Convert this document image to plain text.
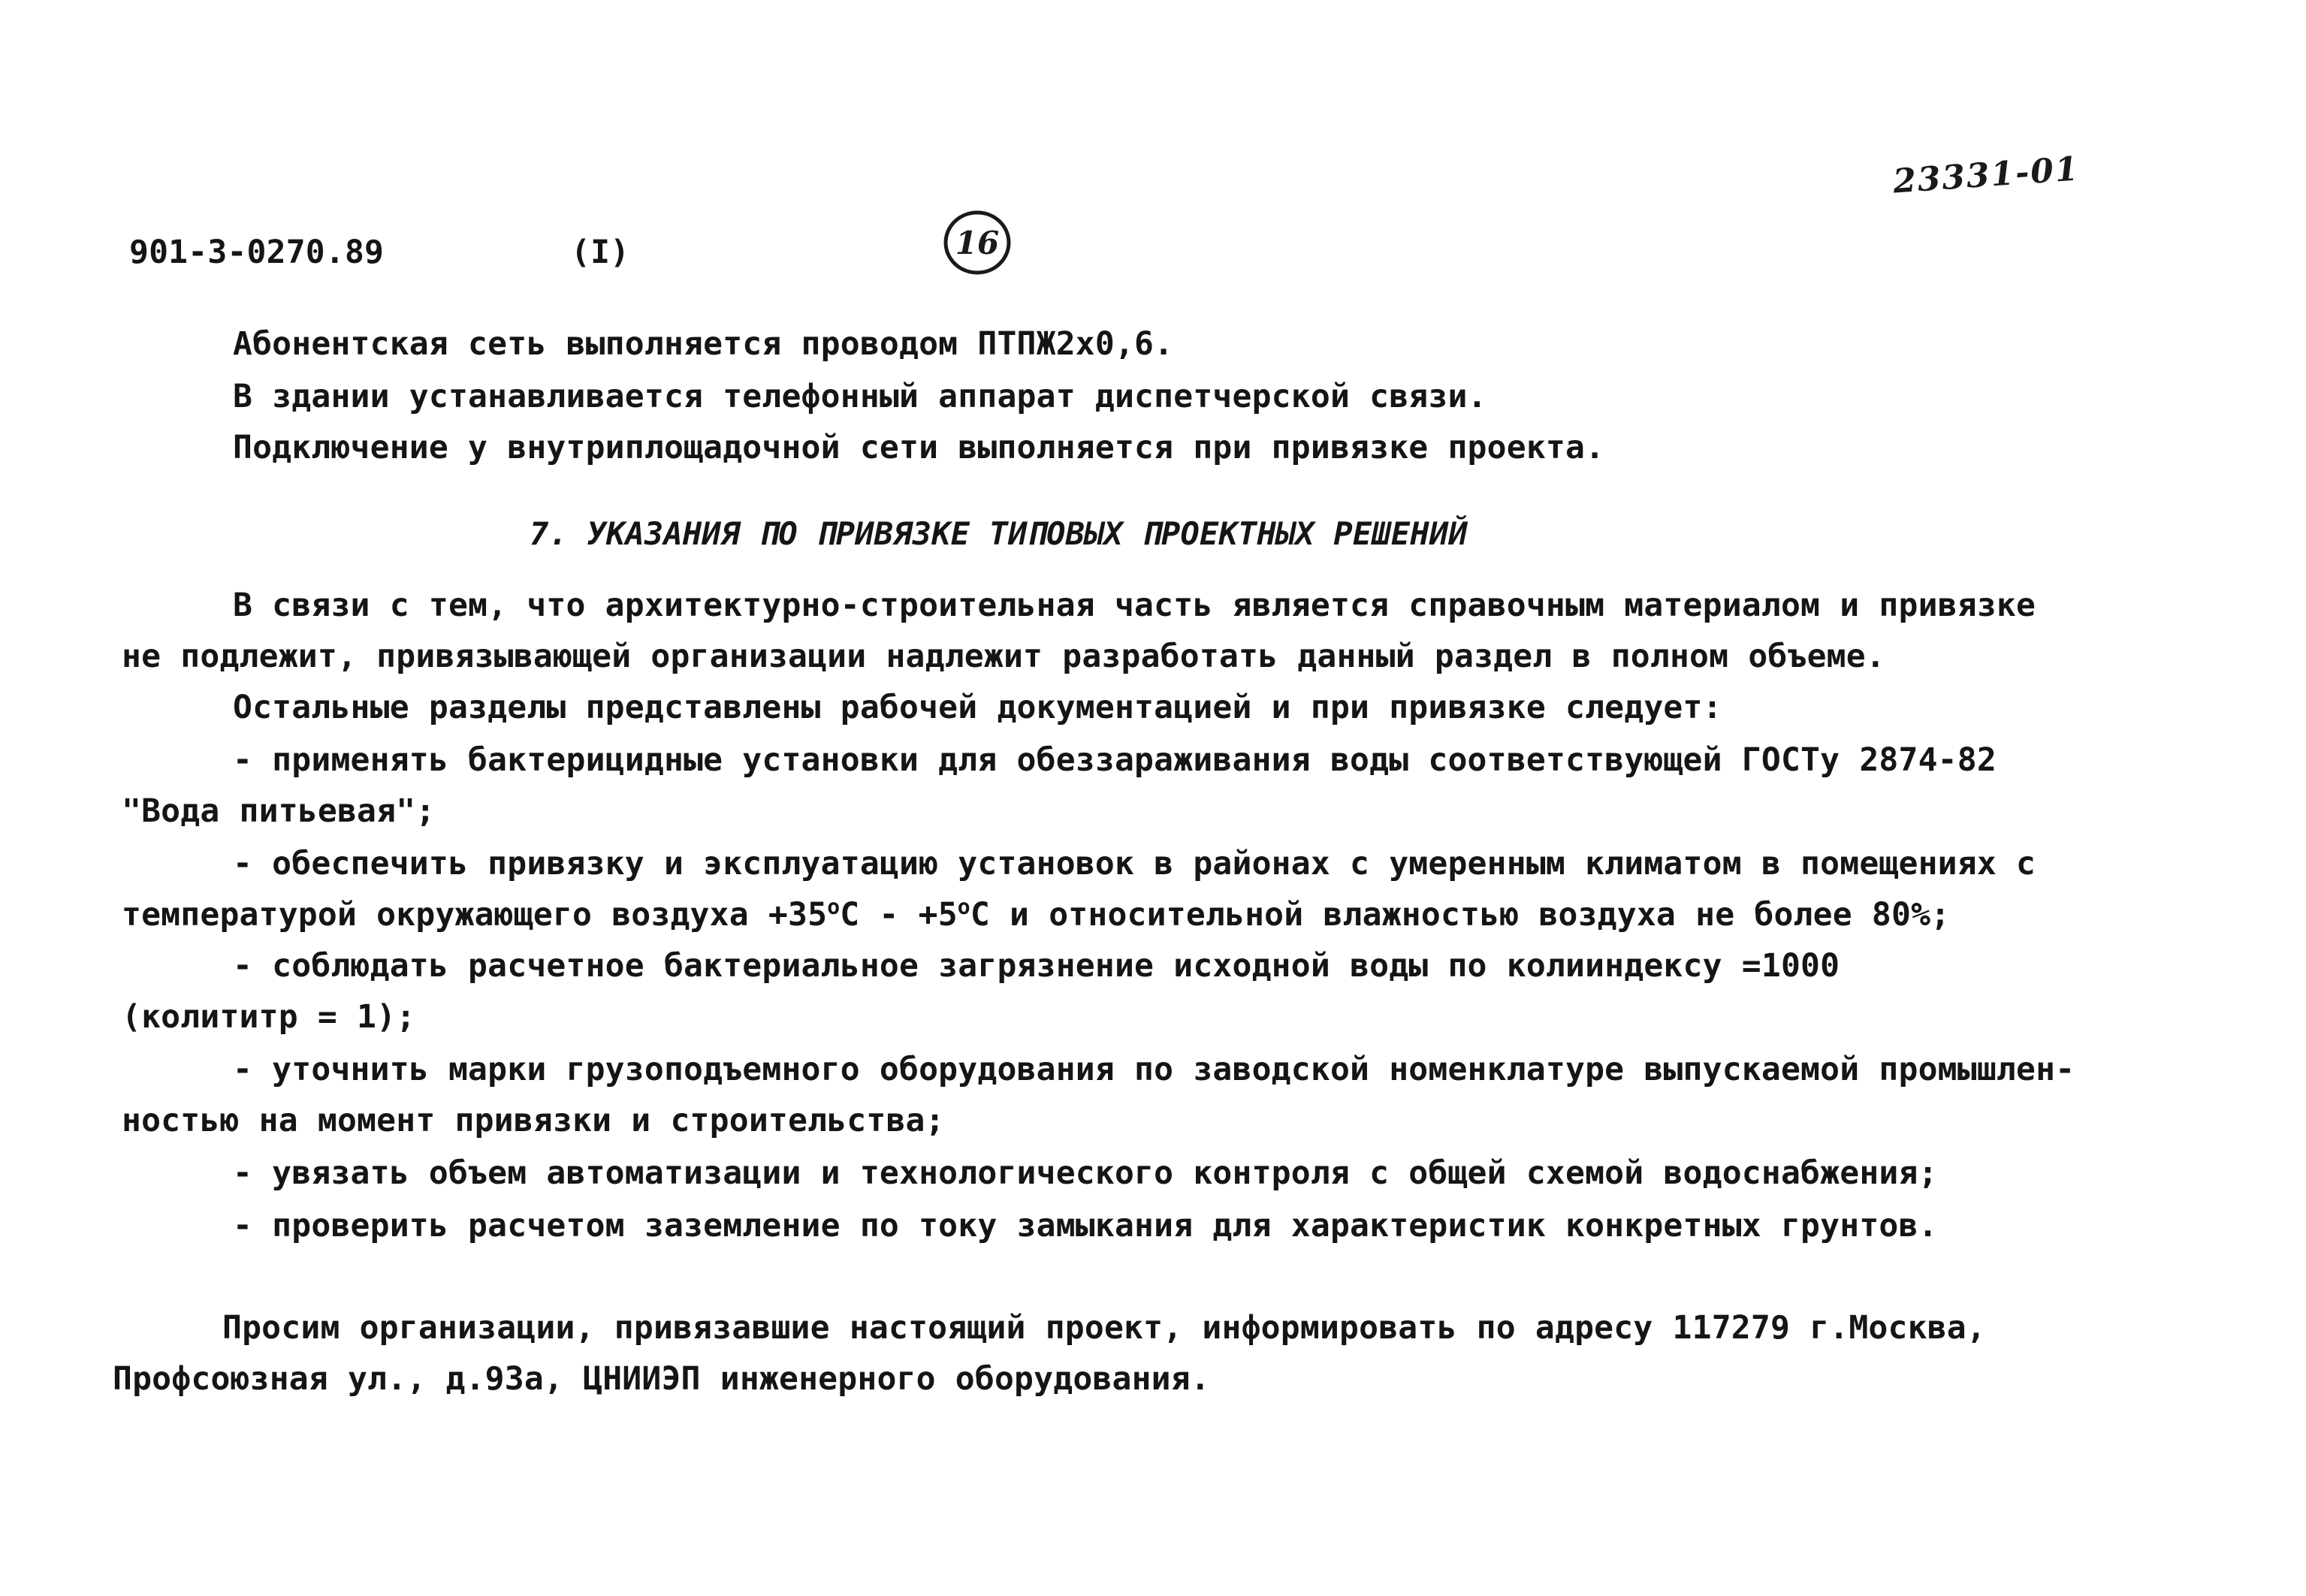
23331-01
901-3-0270.89	(I)	16
Абонентская сеть выполняется проводом ПТПЖ2х0,6.
В здании устанавливается телефонный аппарат диспетчерской связи.
Подключение у внутриплощадочной сети выполняется при привязке проекта.
7. УКАЗАНИЯ ПО ПРИВЯЗКЕ ТИПОВЫХ ПРОЕКТНЫХ РЕШЕНИЙ
В связи с тем, что архитектурно-строительная часть является справочным материалом и привязке
не подлежит, привязывающей организации надлежит разработать данный раздел в полном объеме.
Остальные разделы представлены рабочей документацией и при привязке следует:
- применять бактерицидные установки для обеззараживания воды соответствующей ГОСТу 2874-82
"Вода питьевая";
- обеспечить привязку и эксплуатацию установок в районах с умеренным климатом в помещениях с
температурой окружающего воздуха $+35^oС - +5^oС$ и относительной влажностью воздуха не более 80%;
- соблюдать расчетное бактериальное загрязнение исходной воды по колииндексу =1000
(колититр = 1);
- уточнить марки грузоподъемного оборудования по заводской номенклатуре выпускаемой промышлен-
ностью на момент привязки и строительства;
- увязать объем автоматизации и технологического контроля с общей схемой водоснабжения;
- проверить расчетом заземление по току замыкания для характеристик конкретных грунтов.
Просим организации, привязавшие настоящий проект, информировать по адресу 117279 г.Москва,
Профсоюзная ул., д.93а, ЦНИИЭП инженерного оборудования.
